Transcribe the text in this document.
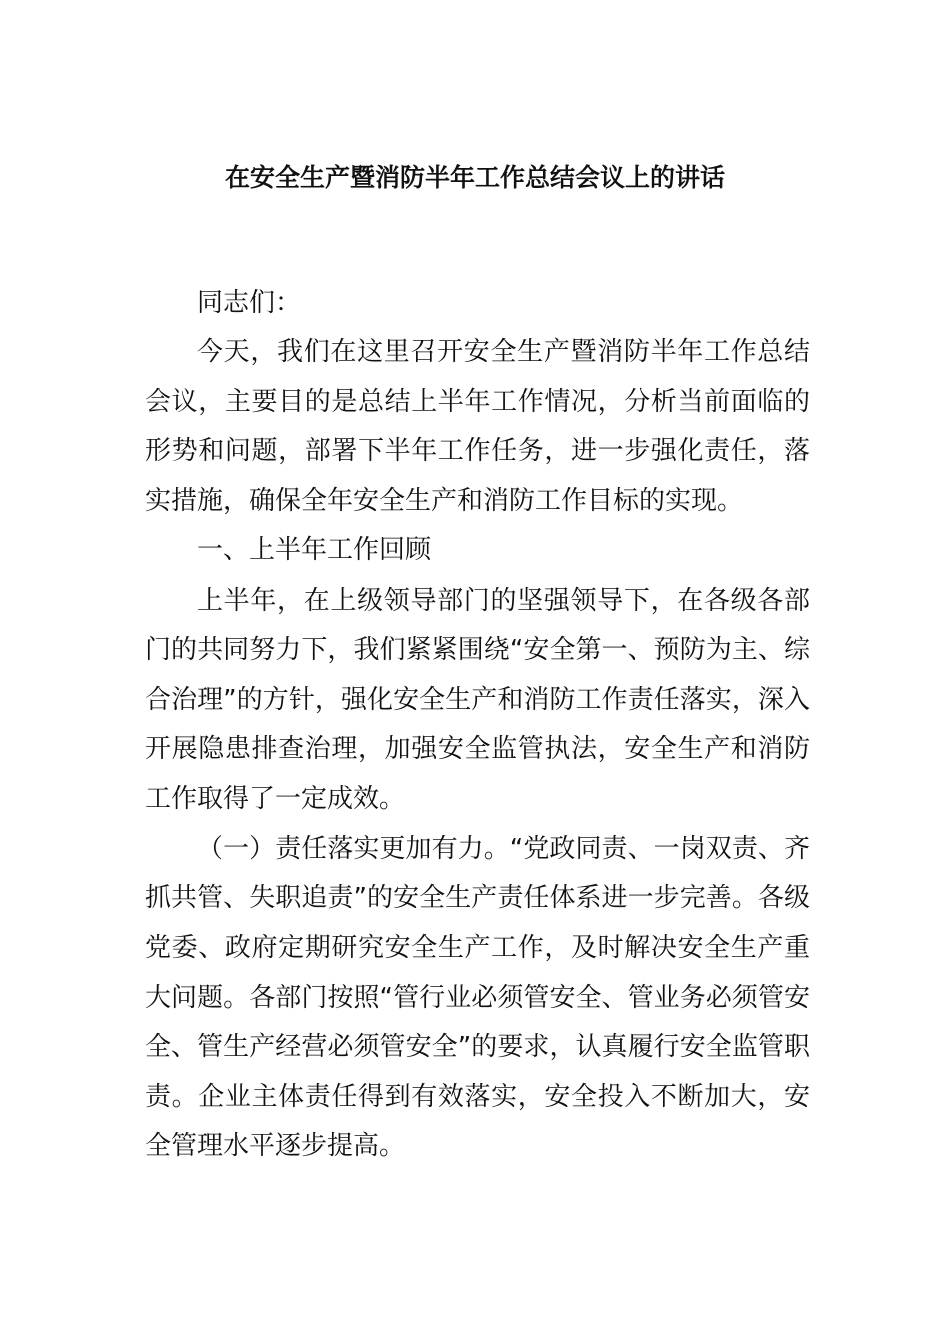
在安全生产暨消防半年工作总结会议上的讲话
同志们：
今天，我们在这里召开安全生产暨消防半年工作总结
会议，主要目的是总结上半年工作情况，分析当前面临的
形势和问题，部署下半年工作任务，进一步强化责任，落
实措施，确保全年安全生产和消防工作目标的实现。
一、上半年工作回顾
上半年，在上级领导部门的坚强领导下，在各级各部
门的共同努力下，我们紧紧围绕“安全第一、预防为主、综
合治理”的方针，强化安全生产和消防工作责任落实，深入
开展隐患排查治理，加强安全监管执法，安全生产和消防
工作取得了一定成效。
（一）责任落实更加有力。“党政同责、一岗双责、齐
抓共管、失职追责”的安全生产责任体系进一步完善。各级
党委、政府定期研究安全生产工作，及时解决安全生产重
大问题。各部门按照“管行业必须管安全、管业务必须管安
全、管生产经营必须管安全”的要求，认真履行安全监管职
责。企业主体责任得到有效落实，安全投入不断加大，安
全管理水平逐步提高。
